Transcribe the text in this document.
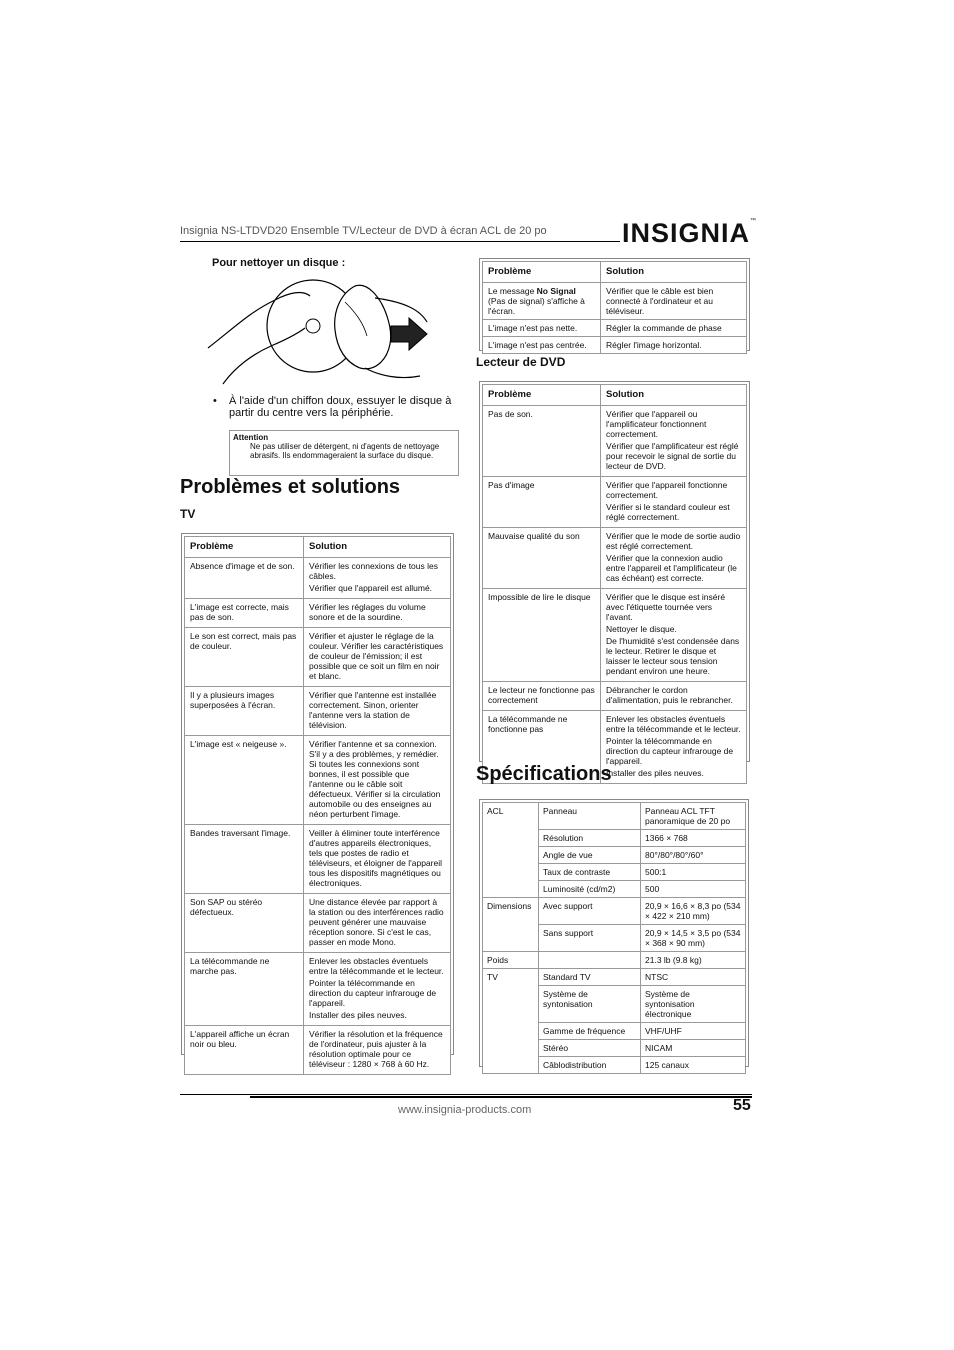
Insignia NS-LTDVD20 Ensemble TV/Lecteur de DVD à écran ACL de 20 po	INSIGNIA™
Pour nettoyer un disque :
• À l'aide d'un chiffon doux, essuyer le disque à partir du centre vers la périphérie.
Attention
Ne pas utiliser de détergent, ni d'agents de nettoyage abrasifs. Ils endommageraient la surface du disque.
Problèmes et solutions
TV
Problème	Solution
Absence d'image et de son.	Vérifier les connexions de tous les câbles.

Vérifier que l'appareil est allumé.

L'image est correcte, mais pas de son.	Vérifier les réglages du volume sonore et de la sourdine.

Le son est correct, mais pas de couleur.	Vérifier et ajuster le réglage de la couleur. Vérifier les caractéristiques de couleur de l'émission; il est possible que ce soit un film en noir et blanc.

Il y a plusieurs images superposées à l'écran.	Vérifier que l'antenne est installée correctement. Sinon, orienter l'antenne vers la station de télévision.

L'image est « neigeuse ».	Vérifier l'antenne et sa connexion. S'il y a des problèmes, y remédier. Si toutes les connexions sont bonnes, il est possible que l'antenne ou le câble soit défectueux. Vérifier si la circulation automobile ou des enseignes au néon perturbent l'image.

Bandes traversant l'image.	Veiller à éliminer toute interférence d'autres appareils électroniques, tels que postes de radio et téléviseurs, et éloigner de l'appareil tous les dispositifs magnétiques ou électroniques.

Son SAP ou stéréo défectueux.	Une distance élevée par rapport à la station ou des interférences radio peuvent générer une mauvaise réception sonore. Si c'est le cas, passer en mode Mono.

La télécommande ne marche pas.	Enlever les obstacles éventuels entre la télécommande et le lecteur.

Pointer la télécommande en direction du capteur infrarouge de l'appareil.

Installer des piles neuves.

L'appareil affiche un écran noir ou bleu.	Vérifier la résolution et la fréquence de l'ordinateur, puis ajuster à la résolution optimale pour ce téléviseur : 1280 × 768 à 60 Hz.

Problème	Solution
Le message No Signal (Pas de signal) s'affiche à l'écran.	Vérifier que le câble est bien connecté à l'ordinateur et au téléviseur.
L'image n'est pas nette.	Régler la commande de phase
L'image n'est pas centrée.	Régler l'image horizontal.
Lecteur de DVD
Problème	Solution
Pas de son.	Vérifier que l'appareil ou l'amplificateur fonctionnent correctement.

Vérifier que l'amplificateur est réglé pour recevoir le signal de sortie du lecteur de DVD.

Pas d'image	Vérifier que l'appareil fonctionne correctement.

Vérifier si le standard couleur est réglé correctement.

Mauvaise qualité du son	Vérifier que le mode de sortie audio est réglé correctement.

Vérifier que la connexion audio entre l'appareil et l'amplificateur (le cas échéant) est correcte.

Impossible de lire le disque	Vérifier que le disque est inséré avec l'étiquette tournée vers l'avant.

Nettoyer le disque.

De l'humidité s'est condensée dans le lecteur. Retirer le disque et laisser le lecteur sous tension pendant environ une heure.

Le lecteur ne fonctionne pas correctement	Débrancher le cordon d'alimentation, puis le rebrancher.

La télécommande ne fonctionne pas	Enlever les obstacles éventuels entre la télécommande et le lecteur.

Pointer la télécommande en direction du capteur infrarouge de l'appareil.

Installer des piles neuves.

Spécifications
ACL	Panneau	Panneau ACL TFT panoramique de 20 po
	Résolution	1366 × 768
	Angle de vue	80°/80°/80°/60°
	Taux de contraste	500:1
	Luminosité (cd/m2)	500
Dimensions	Avec support	20,9 × 16,6 × 8,3 po (534 × 422 × 210 mm)
	Sans support	20,9 × 14,5 × 3,5 po (534 × 368 × 90 mm)
Poids		21.3 lb (9.8 kg)
TV	Standard TV	NTSC
	Système de syntonisation	Système de syntonisation électronique
	Gamme de fréquence	VHF/UHF
	Stéréo	NICAM
	Câblodistribution	125 canaux
www.insignia-products.com	55
